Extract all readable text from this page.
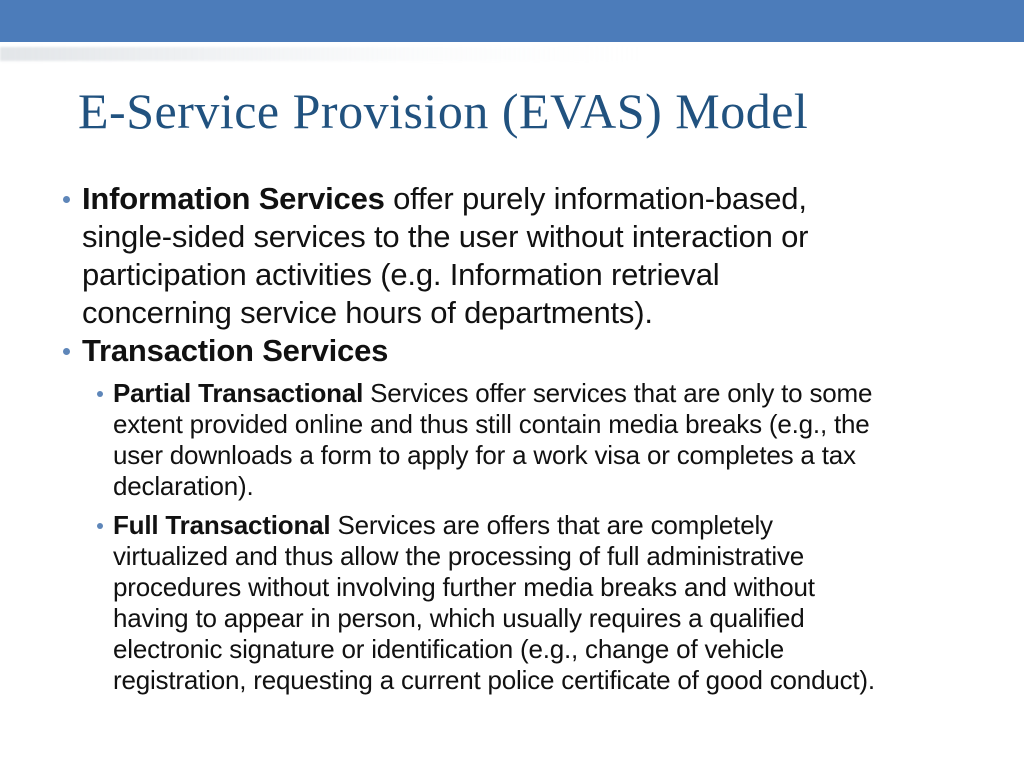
E-Service Provision (EVAS) Model
Information Services offer purely information-based,
single-sided services to the user without interaction or
participation activities (e.g. Information retrieval
concerning service hours of departments).
Transaction Services
Partial Transactional Services offer services that are only to some
extent provided online and thus still contain media breaks (e.g., the
user downloads a form to apply for a work visa or completes a tax
declaration).
Full Transactional Services are offers that are completely
virtualized and thus allow the processing of full administrative
procedures without involving further media breaks and without
having to appear in person, which usually requires a qualified
electronic signature or identification (e.g., change of vehicle
registration, requesting a current police certificate of good conduct).
